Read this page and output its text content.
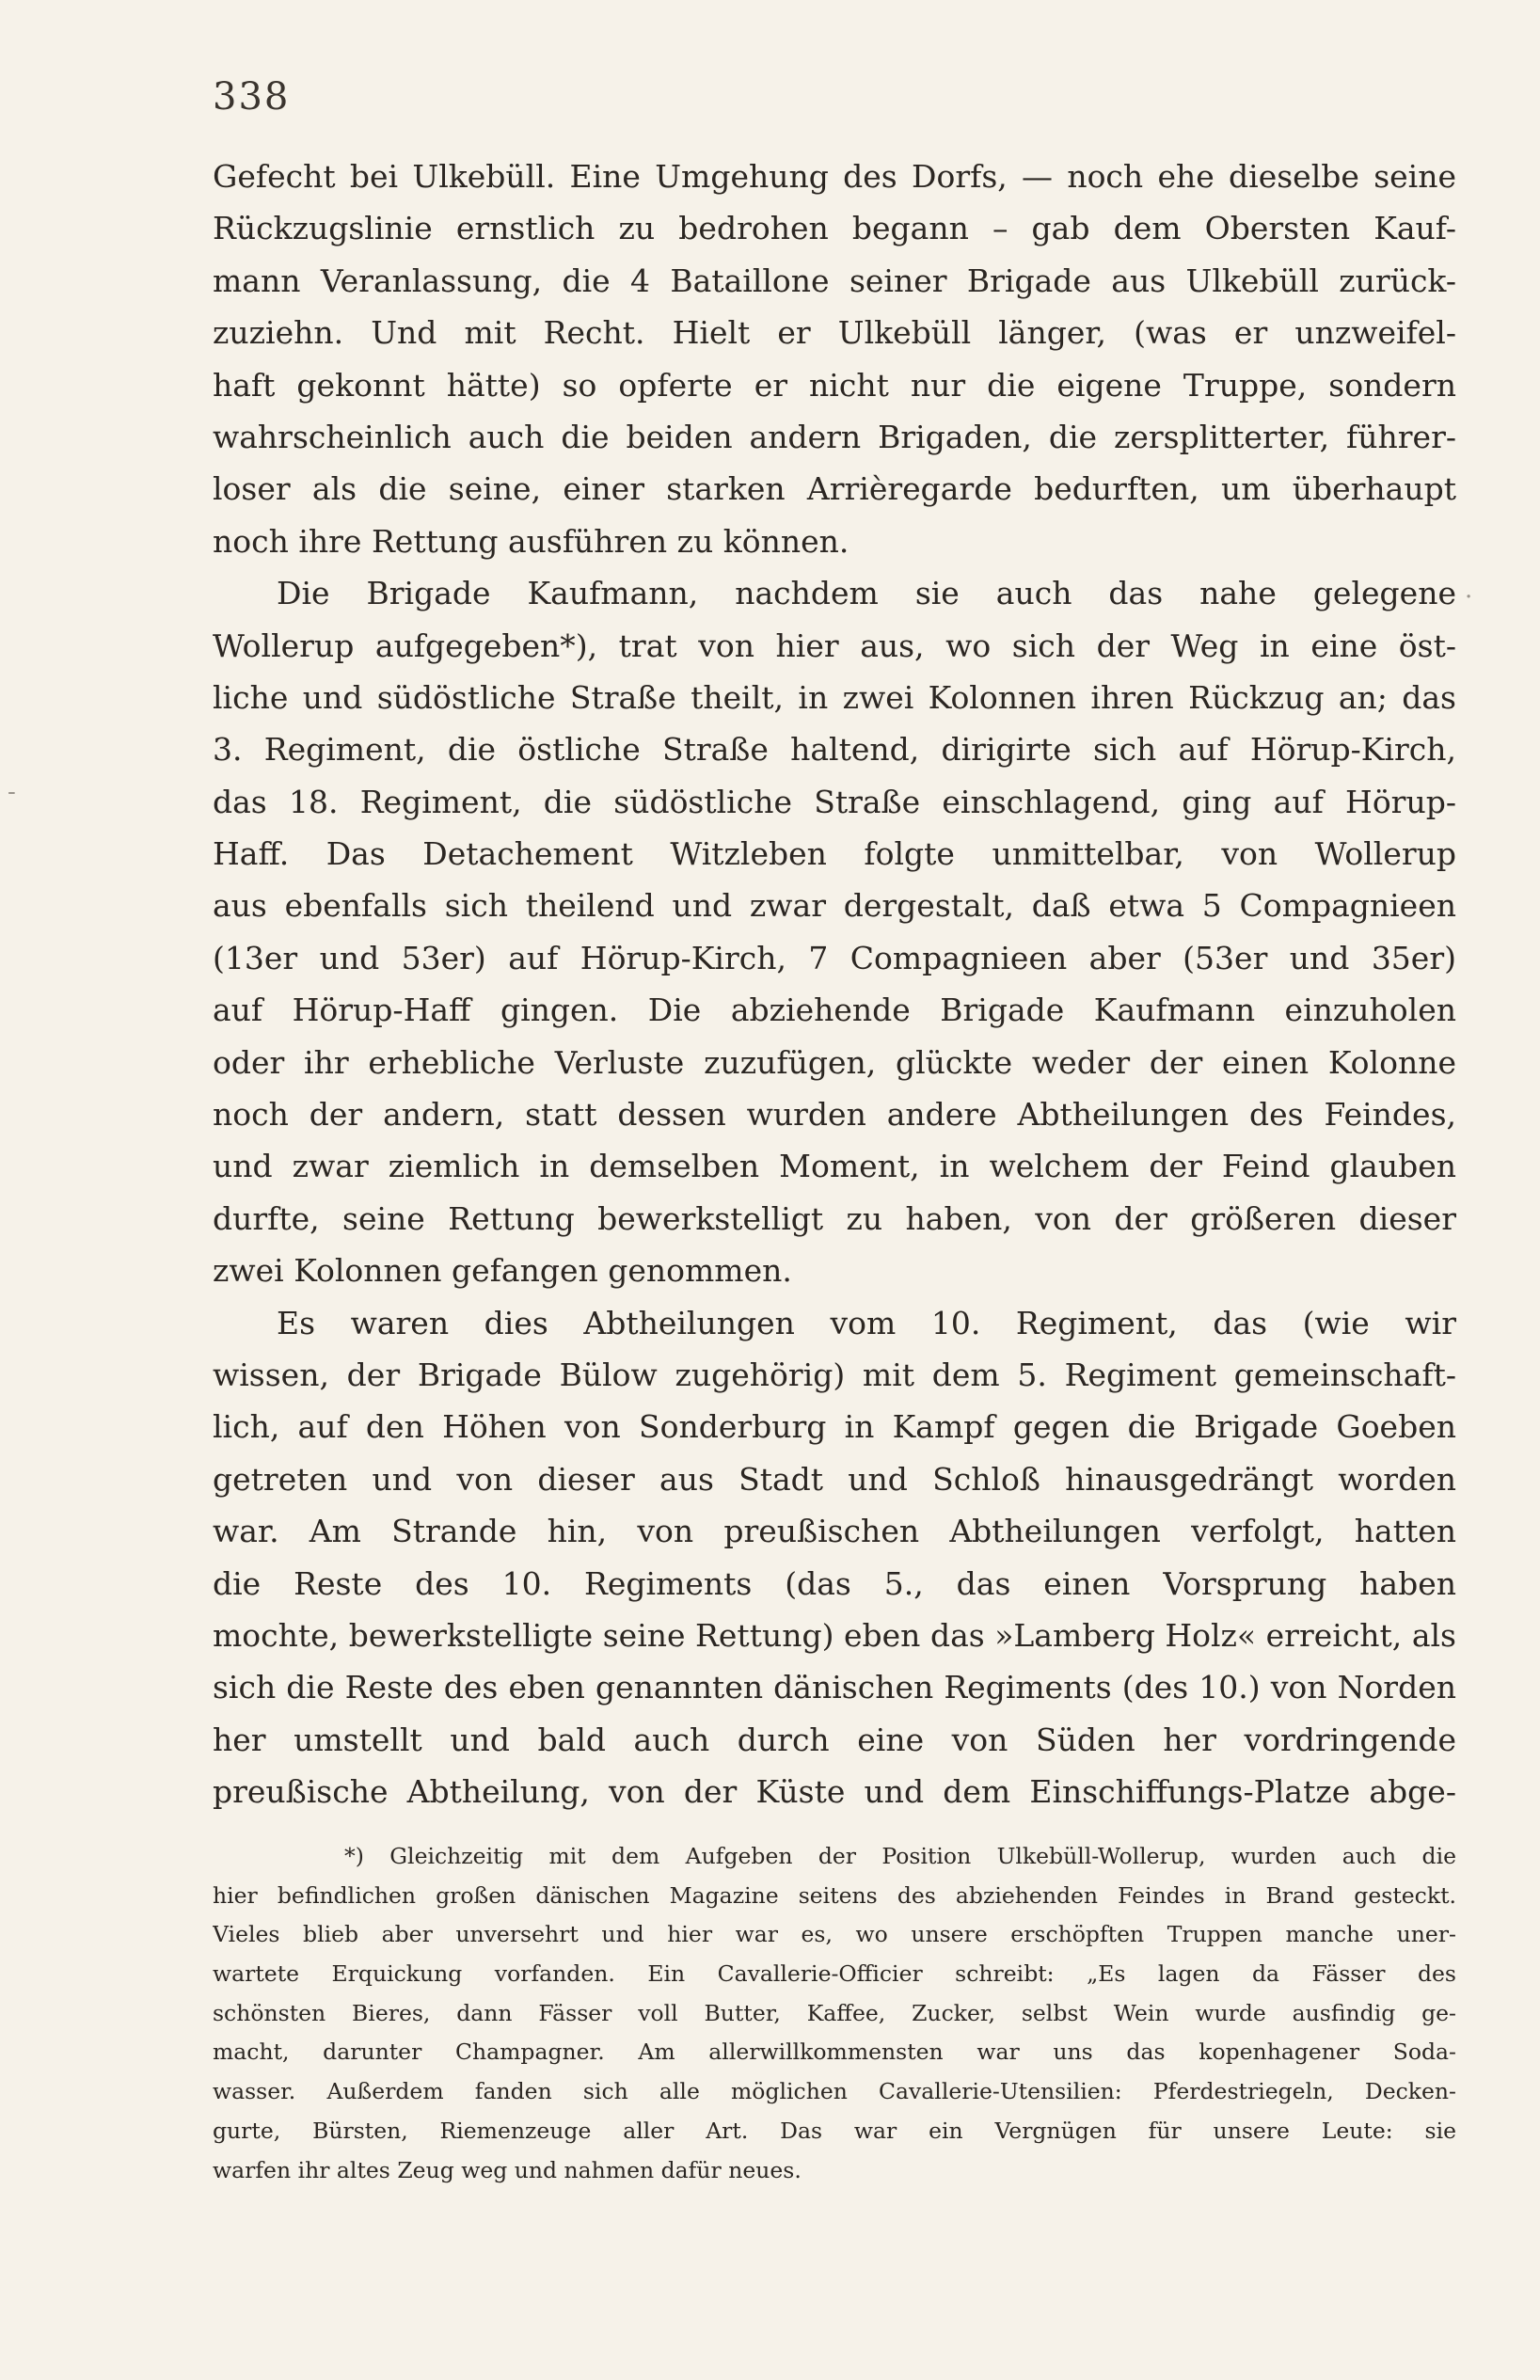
338
Gefecht bei Ulkebüll. Eine Umgehung des Dorfs, — noch ehe dieselbe seine
Rückzugslinie ernstlich zu bedrohen begann – gab dem Obersten Kauf-
mann Veranlassung, die 4 Bataillone seiner Brigade aus Ulkebüll zurück-
zuziehn. Und mit Recht. Hielt er Ulkebüll länger, (was er unzweifel-
haft gekonnt hätte) so opferte er nicht nur die eigene Truppe, sondern
wahrscheinlich auch die beiden andern Brigaden, die zersplitterter, führer-
loser als die seine, einer starken Arrièregarde bedurften, um überhaupt
noch ihre Rettung ausführen zu können.
Die Brigade Kaufmann, nachdem sie auch das nahe gelegene
Wollerup aufgegeben*), trat von hier aus, wo sich der Weg in eine öst-
liche und südöstliche Straße theilt, in zwei Kolonnen ihren Rückzug an; das
3. Regiment, die östliche Straße haltend, dirigirte sich auf Hörup-Kirch,
das 18. Regiment, die südöstliche Straße einschlagend, ging auf Hörup-
Haff. Das Detachement Witzleben folgte unmittelbar, von Wollerup
aus ebenfalls sich theilend und zwar dergestalt, daß etwa 5 Compagnieen
(13er und 53er) auf Hörup-Kirch, 7 Compagnieen aber (53er und 35er)
auf Hörup-Haff gingen. Die abziehende Brigade Kaufmann einzuholen
oder ihr erhebliche Verluste zuzufügen, glückte weder der einen Kolonne
noch der andern, statt dessen wurden andere Abtheilungen des Feindes,
und zwar ziemlich in demselben Moment, in welchem der Feind glauben
durfte, seine Rettung bewerkstelligt zu haben, von der größeren dieser
zwei Kolonnen gefangen genommen.
Es waren dies Abtheilungen vom 10. Regiment, das (wie wir
wissen, der Brigade Bülow zugehörig) mit dem 5. Regiment gemeinschaft-
lich, auf den Höhen von Sonderburg in Kampf gegen die Brigade Goeben
getreten und von dieser aus Stadt und Schloß hinausgedrängt worden
war. Am Strande hin, von preußischen Abtheilungen verfolgt, hatten
die Reste des 10. Regiments (das 5., das einen Vorsprung haben
mochte, bewerkstelligte seine Rettung) eben das »Lamberg Holz« erreicht, als
sich die Reste des eben genannten dänischen Regiments (des 10.) von Norden
her umstellt und bald auch durch eine von Süden her vordringende
preußische Abtheilung, von der Küste und dem Einschiffungs-Platze abge-
*) Gleichzeitig mit dem Aufgeben der Position Ulkebüll-Wollerup, wurden auch die
hier befindlichen großen dänischen Magazine seitens des abziehenden Feindes in Brand gesteckt.
Vieles blieb aber unversehrt und hier war es, wo unsere erschöpften Truppen manche uner-
wartete Erquickung vorfanden. Ein Cavallerie-Officier schreibt: „Es lagen da Fässer des
schönsten Bieres, dann Fässer voll Butter, Kaffee, Zucker, selbst Wein wurde ausfindig ge-
macht, darunter Champagner. Am allerwillkommensten war uns das kopenhagener Soda-
wasser. Außerdem fanden sich alle möglichen Cavallerie-Utensilien: Pferdestriegeln, Decken-
gurte, Bürsten, Riemenzeuge aller Art. Das war ein Vergnügen für unsere Leute: sie
warfen ihr altes Zeug weg und nahmen dafür neues.
·
-
